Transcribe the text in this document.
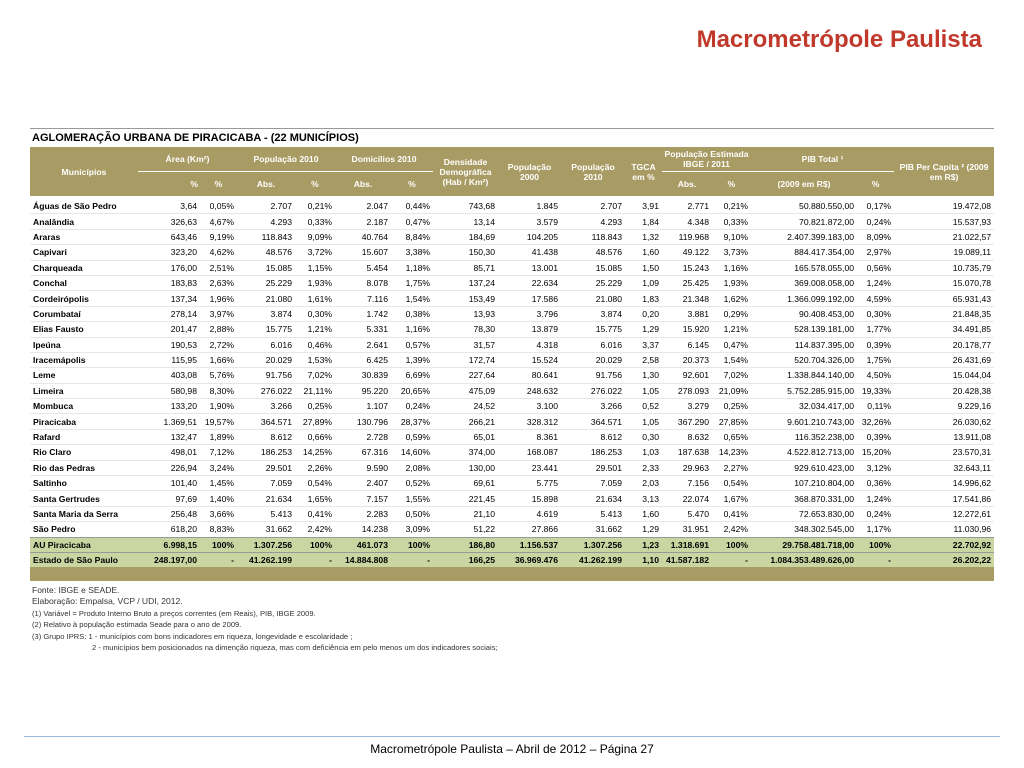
Macrometrópole Paulista
AGLOMERAÇÃO URBANA DE PIRACICABA - (22 MUNICÍPIOS)
Municípios	Área (Km²)		População 2010		Domicílios 2010		Densidade Demográfica (Hab / Km²)	População 2000	População 2010	TGCA em %	População Estimada IBGE / 2011		PIB Total ¹		PIB Per Capita ² (2009 em R$)
	%	%	Abs.	%	Abs.	%					Abs.	%	(2009 em R$)	%	
Águas de São Pedro	3,64	0,05%	2.707	0,21%	2.047	0,44%	743,68	1.845	2.707	3,91	2.771	0,21%	50.880.550,00	0,17%	19.472,08
Analândia	326,63	4,67%	4.293	0,33%	2.187	0,47%	13,14	3.579	4.293	1,84	4.348	0,33%	70.821.872,00	0,24%	15.537,93
Araras	643,46	9,19%	118.843	9,09%	40.764	8,84%	184,69	104.205	118.843	1,32	119.968	9,10%	2.407.399.183,00	8,09%	21.022,57
Capivari	323,20	4,62%	48.576	3,72%	15.607	3,38%	150,30	41.438	48.576	1,60	49.122	3,73%	884.417.354,00	2,97%	19.089,11
Charqueada	176,00	2,51%	15.085	1,15%	5.454	1,18%	85,71	13.001	15.085	1,50	15.243	1,16%	165.578.055,00	0,56%	10.735,79
Conchal	183,83	2,63%	25.229	1,93%	8.078	1,75%	137,24	22.634	25.229	1,09	25.425	1,93%	369.008.058,00	1,24%	15.070,78
Cordeirópolis	137,34	1,96%	21.080	1,61%	7.116	1,54%	153,49	17.586	21.080	1,83	21.348	1,62%	1.366.099.192,00	4,59%	65.931,43
Corumbataí	278,14	3,97%	3.874	0,30%	1.742	0,38%	13,93	3.796	3.874	0,20	3.881	0,29%	90.408.453,00	0,30%	21.848,35
Elias Fausto	201,47	2,88%	15.775	1,21%	5.331	1,16%	78,30	13.879	15.775	1,29	15.920	1,21%	528.139.181,00	1,77%	34.491,85
Ipeúna	190,53	2,72%	6.016	0,46%	2.641	0,57%	31,57	4.318	6.016	3,37	6.145	0,47%	114.837.395,00	0,39%	20.178,77
Iracemápolis	115,95	1,66%	20.029	1,53%	6.425	1,39%	172,74	15.524	20.029	2,58	20.373	1,54%	520.704.326,00	1,75%	26.431,69
Leme	403,08	5,76%	91.756	7,02%	30.839	6,69%	227,64	80.641	91.756	1,30	92.601	7,02%	1.338.844.140,00	4,50%	15.044,04
Limeira	580,98	8,30%	276.022	21,11%	95.220	20,65%	475,09	248.632	276.022	1,05	278.093	21,09%	5.752.285.915,00	19,33%	20.428,38
Mombuca	133,20	1,90%	3.266	0,25%	1.107	0,24%	24,52	3.100	3.266	0,52	3.279	0,25%	32.034.417,00	0,11%	9.229,16
Piracicaba	1.369,51	19,57%	364.571	27,89%	130.796	28,37%	266,21	328.312	364.571	1,05	367.290	27,85%	9.601.210.743,00	32,26%	26.030,62
Rafard	132,47	1,89%	8.612	0,66%	2.728	0,59%	65,01	8.361	8.612	0,30	8.632	0,65%	116.352.238,00	0,39%	13.911,08
Rio Claro	498,01	7,12%	186.253	14,25%	67.316	14,60%	374,00	168.087	186.253	1,03	187.638	14,23%	4.522.812.713,00	15,20%	23.570,31
Rio das Pedras	226,94	3,24%	29.501	2,26%	9.590	2,08%	130,00	23.441	29.501	2,33	29.963	2,27%	929.610.423,00	3,12%	32.643,11
Saltinho	101,40	1,45%	7.059	0,54%	2.407	0,52%	69,61	5.775	7.059	2,03	7.156	0,54%	107.210.804,00	0,36%	14.996,62
Santa Gertrudes	97,69	1,40%	21.634	1,65%	7.157	1,55%	221,45	15.898	21.634	3,13	22.074	1,67%	368.870.331,00	1,24%	17.541,86
Santa Maria da Serra	256,48	3,66%	5.413	0,41%	2.283	0,50%	21,10	4.619	5.413	1,60	5.470	0,41%	72.653.830,00	0,24%	12.272,61
São Pedro	618,20	8,83%	31.662	2,42%	14.238	3,09%	51,22	27.866	31.662	1,29	31.951	2,42%	348.302.545,00	1,17%	11.030,96
AU Piracicaba	6.998,15	100%	1.307.256	100%	461.073	100%	186,80	1.156.537	1.307.256	1,23	1.318.691	100%	29.758.481.718,00	100%	22.702,92
Estado de São Paulo	248.197,00	-	41.262.199	-	14.884.808	-	166,25	36.969.476	41.262.199	1,10	41.587.182	-	1.084.353.489.626,00	-	26.202,22
Fonte: IBGE e SEADE.
Elaboração: Empalsa, VCP / UDI, 2012.
(1) Variável = Produto Interno Bruto a preços correntes (em Reais), PIB, IBGE 2009.
(2) Relativo à população estimada Seade para o ano de 2009.
(3) Grupo IPRS: 1 - municípios com bons indicadores em riqueza, longevidade e escolaridade ;
2 - municípios bem posicionados na dimenção riqueza, mas com deficiência em pelo menos um dos indicadores sociais;
Macrometrópole Paulista – Abril de 2012 – Página 27
